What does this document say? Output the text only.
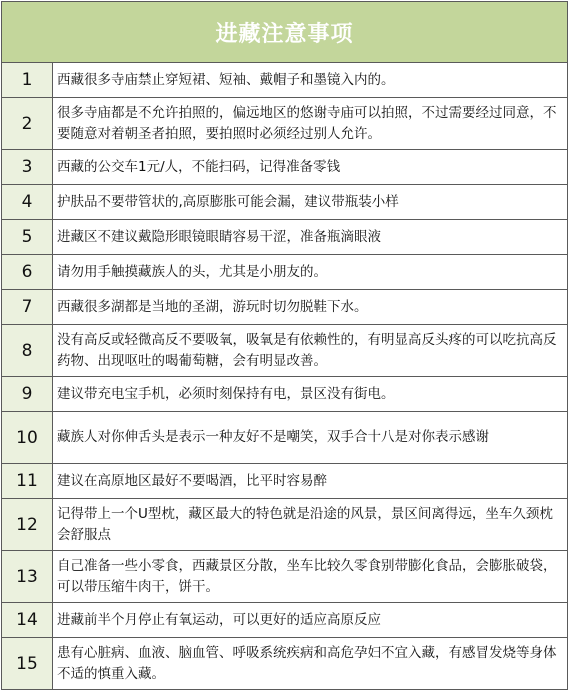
进藏注意事项	
1	西藏很多寺庙禁止穿短裙、短袖、戴帽子和墨镜入内的。
2	很多寺庙都是不允许拍照的，偏远地区的悠谢寺庙可以拍照，不过需要经过同意，不要随意对着朝圣者拍照，要拍照时必须经过别人允许。
3	西藏的公交车1元/人，不能扫码，记得准备零钱
4	护肤品不要带管状的,高原膨胀可能会漏，建议带瓶装小样
5	进藏区不建议戴隐形眼镜眼睛容易干涩，准备瓶滴眼液
6	请勿用手触摸藏族人的头，尤其是小朋友的。
7	西藏很多湖都是当地的圣湖，游玩时切勿脱鞋下水。
8	没有高反或轻微高反不要吸氧，吸氧是有依赖性的，有明显高反头疼的可以吃抗高反药物、出现呕吐的喝葡萄糖，会有明显改善。
9	建议带充电宝手机，必须时刻保持有电，景区没有街电。
10	藏族人对你伸舌头是表示一种友好不是嘲笑，双手合十八是对你表示感谢
11	建议在高原地区最好不要喝酒，比平时容易醉
12	记得带上一个U型枕，藏区最大的特色就是沿途的风景，景区间离得远，坐车久颈枕会舒服点
13	自己准备一些小零食，西藏景区分散，坐车比较久零食别带膨化食品，会膨胀破袋，可以带压缩牛肉干，饼干。
14	进藏前半个月停止有氧运动，可以更好的适应高原反应
15	患有心脏病、血液、脑血管、呼吸系统疾病和高危孕妇不宜入藏，有感冒发烧等身体不适的慎重入藏。
